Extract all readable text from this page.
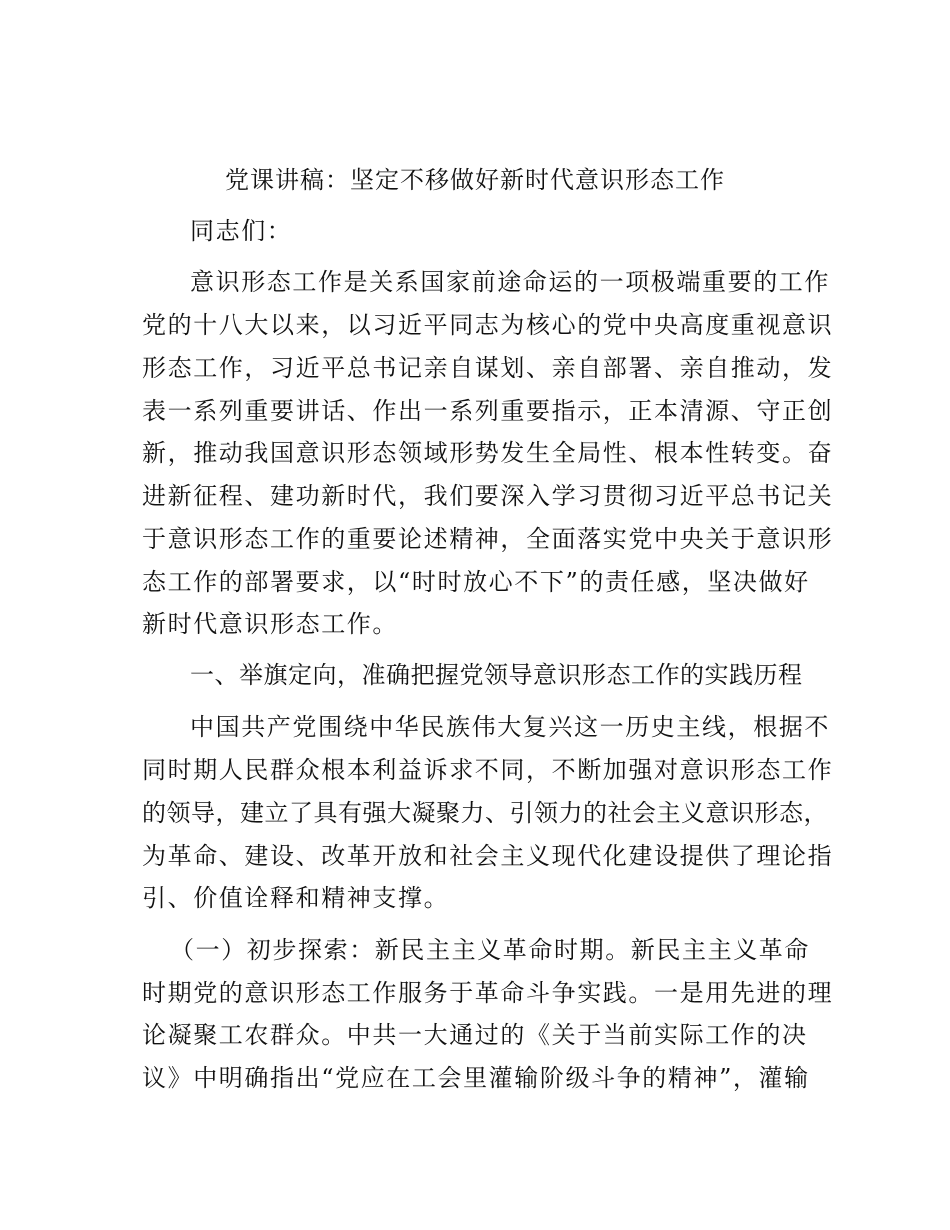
党课讲稿：坚定不移做好新时代意识形态工作
同志们：
意识形态工作是关系国家前途命运的一项极端重要的工作
党的十八大以来，以习近平同志为核心的党中央高度重视意识
形态工作，习近平总书记亲自谋划、亲自部署、亲自推动，发
表一系列重要讲话、作出一系列重要指示，正本清源、守正创
新，推动我国意识形态领域形势发生全局性、根本性转变。奋
进新征程、建功新时代，我们要深入学习贯彻习近平总书记关
于意识形态工作的重要论述精神，全面落实党中央关于意识形
态工作的部署要求，以“时时放心不下”的责任感，坚决做好
新时代意识形态工作。
一、举旗定向，准确把握党领导意识形态工作的实践历程
中国共产党围绕中华民族伟大复兴这一历史主线，根据不
同时期人民群众根本利益诉求不同，不断加强对意识形态工作
的领导，建立了具有强大凝聚力、引领力的社会主义意识形态，
为革命、建设、改革开放和社会主义现代化建设提供了理论指
引、价值诠释和精神支撑。
（一）初步探索：新民主主义革命时期。新民主主义革命
时期党的意识形态工作服务于革命斗争实践。一是用先进的理
论凝聚工农群众。中共一大通过的《关于当前实际工作的决
议》中明确指出“党应在工会里灌输阶级斗争的精神”，灌输
